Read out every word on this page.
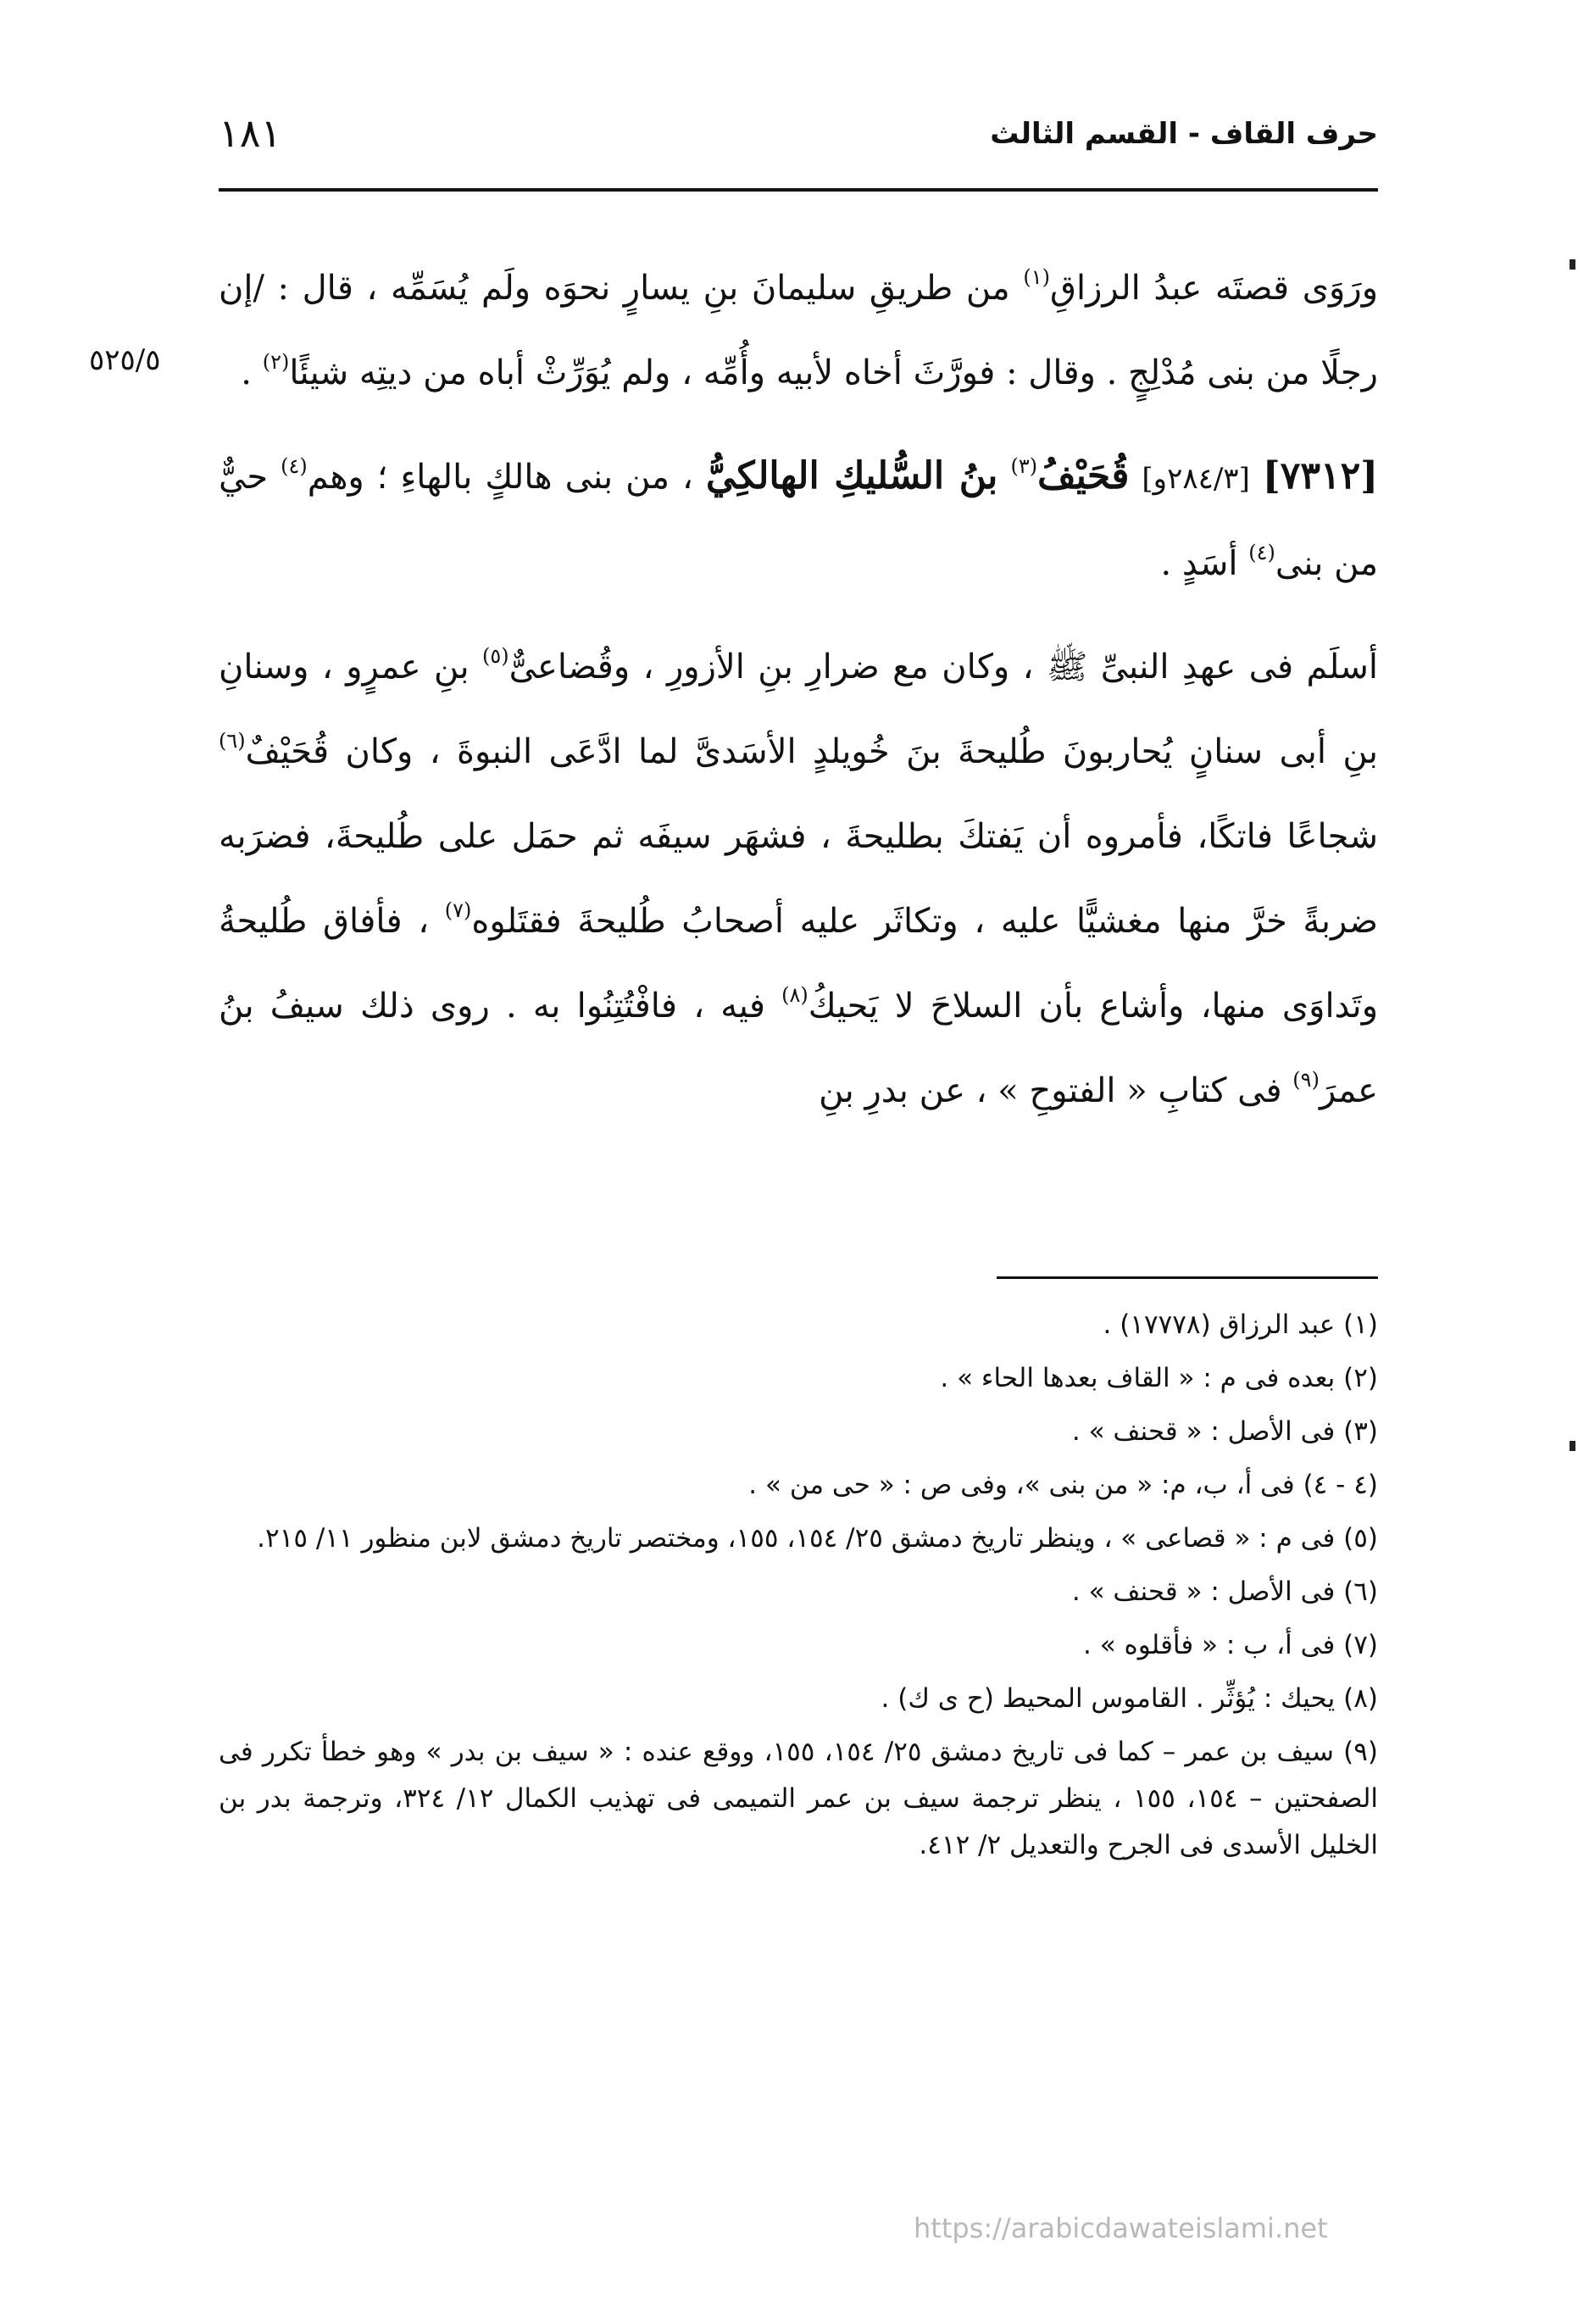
حرف القاف - القسم الثالث
١٨١
٥٢٥/٥

ورَوَى قصتَه عبدُ الرزاقِ$^{(١)}$ من طريقِ سليمانَ بنِ يسارٍ نحوَه ولَم يُسَمِّه ، قال : /إن رجلًا من بنى مُدْلِجٍ . وقال : فورَّثَ أخاه لأبيه وأُمِّه ، ولم يُوَرِّثْ أباه من ديتِه شيئًا$^{(٢)}$ .

[٧٣١٢] [٢٨٤/٣و] قُحَيْفُ$^{(٣)}$ بنُ السُّليكِ الهالكِيُّ ، من بنى هالكٍ بالهاءِ ؛ وهم$^{(٤)}$ حيٌّ من بنى$^{(٤)}$ أسَدٍ .

أسلَم فى عهدِ النبىِّ ﷺ ، وكان مع ضرارِ بنِ الأزورِ ، وقُضاعىٌّ$^{(٥)}$ بنِ عمرٍو ، وسنانِ بنِ أبى سنانٍ يُحاربونَ طُليحةَ بنَ خُويلدٍ الأسَدىَّ لما ادَّعَى النبوةَ ، وكان قُحَيْفٌ$^{(٦)}$ شجاعًا فاتكًا، فأمروه أن يَفتكَ بطليحةَ ، فشهَر سيفَه ثم حمَل على طُليحةَ، فضرَبه ضربةً خرَّ منها مغشيًّا عليه ، وتكاثَر عليه أصحابُ طُليحةَ فقتَلوه$^{(٧)}$ ، فأفاق طُليحةُ وتَداوَى منها، وأشاع بأن السلاحَ لا يَحيكُ$^{(٨)}$ فيه ، فافْتُتِنُوا به . روى ذلك سيفُ بنُ عمرَ$^{(٩)}$ فى كتابِ « الفتوحِ » ، عن بدرِ بنِ

(١) عبد الرزاق (١٧٧٧٨) .

(٢) بعده فى م : « القاف بعدها الحاء » .

(٣) فى الأصل : « قحنف » .

(٤ - ٤) فى أ، ب، م: « من بنى »، وفى ص : « حى من » .

(٥) فى م : « قصاعى » ، وينظر تاريخ دمشق ٢٥/ ١٥٤، ١٥٥، ومختصر تاريخ دمشق لابن منظور ١١/ ٢١٥.

(٦) فى الأصل : « قحنف » .

(٧) فى أ، ب : « فأقلوه » .

(٨) يحيك : يُؤثِّر . القاموس المحيط (ح ى ك) .

(٩) سيف بن عمر – كما فى تاريخ دمشق ٢٥/ ١٥٤، ١٥٥، ووقع عنده : « سيف بن بدر » وهو خطأ تكرر فى الصفحتين – ١٥٤، ١٥٥ ، ينظر ترجمة سيف بن عمر التميمى فى تهذيب الكمال ١٢/ ٣٢٤، وترجمة بدر بن الخليل الأسدى فى الجرح والتعديل ٢/ ٤١٢.

https://arabicdawateislami.net
